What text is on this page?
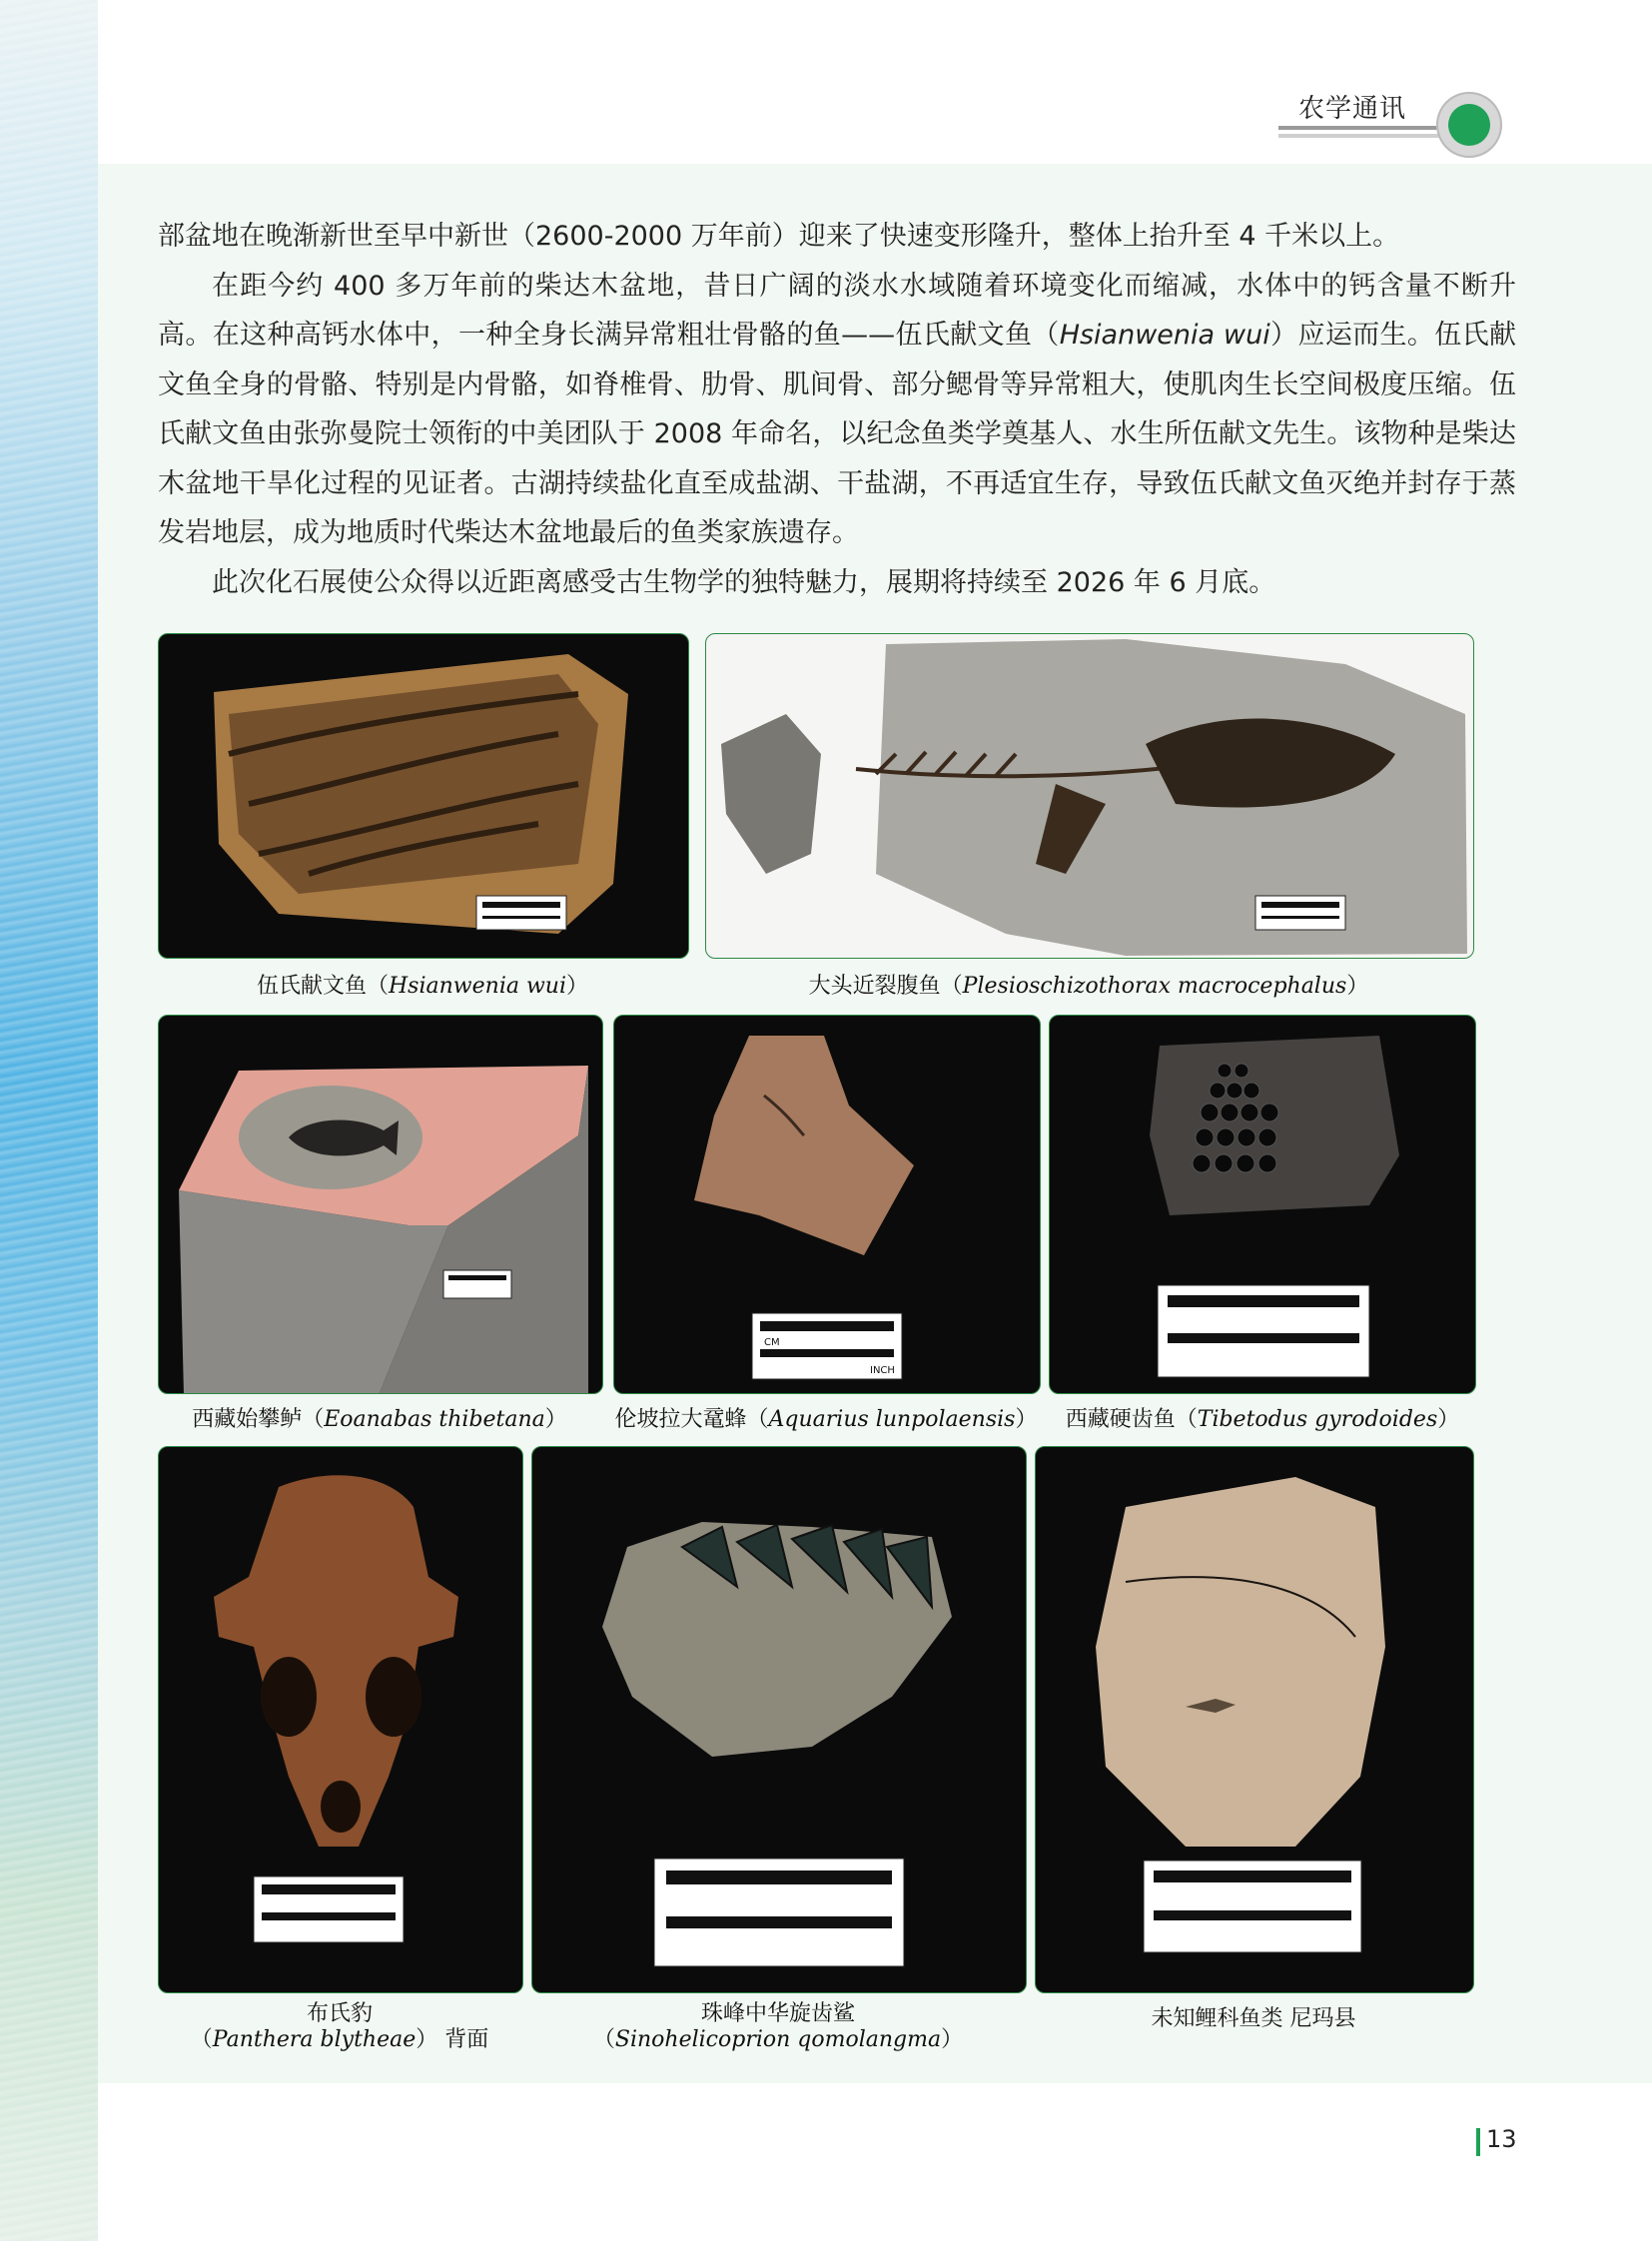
农学通讯

部盆地在晚渐新世至早中新世（2600-2000 万年前）迎来了快速变形隆升，整体上抬升至 4 千米以上。

在距今约 400 多万年前的柴达木盆地，昔日广阔的淡水水域随着环境变化而缩减，水体中的钙含量不断升高。在这种高钙水体中，一种全身长满异常粗壮骨骼的鱼——伍氏献文鱼（Hsianwenia wui）应运而生。伍氏献文鱼全身的骨骼、特别是内骨骼，如脊椎骨、肋骨、肌间骨、部分鳃骨等异常粗大，使肌肉生长空间极度压缩。伍氏献文鱼由张弥曼院士领衔的中美团队于 2008 年命名，以纪念鱼类学奠基人、水生所伍献文先生。该物种是柴达木盆地干旱化过程的见证者。古湖持续盐化直至成盐湖、干盐湖，不再适宜生存，导致伍氏献文鱼灭绝并封存于蒸发岩地层，成为地质时代柴达木盆地最后的鱼类家族遗存。

此次化石展使公众得以近距离感受古生物学的独特魅力，展期将持续至 2026 年 6 月底。

伍氏献文鱼（Hsianwenia wui）	大头近裂腹鱼（Plesioschizothorax macrocephalus）
CM
INCH
西藏始攀鲈（Eoanabas thibetana）	伦坡拉大鼋蜂（Aquarius lunpolaensis）	西藏硬齿鱼（Tibetodus gyrodoides）
布氏豹
（Panthera blytheae） 背面
珠峰中华旋齿鲨
（Sinohelicoprion qomolangma）
未知鲤科鱼类 尼玛县
13
